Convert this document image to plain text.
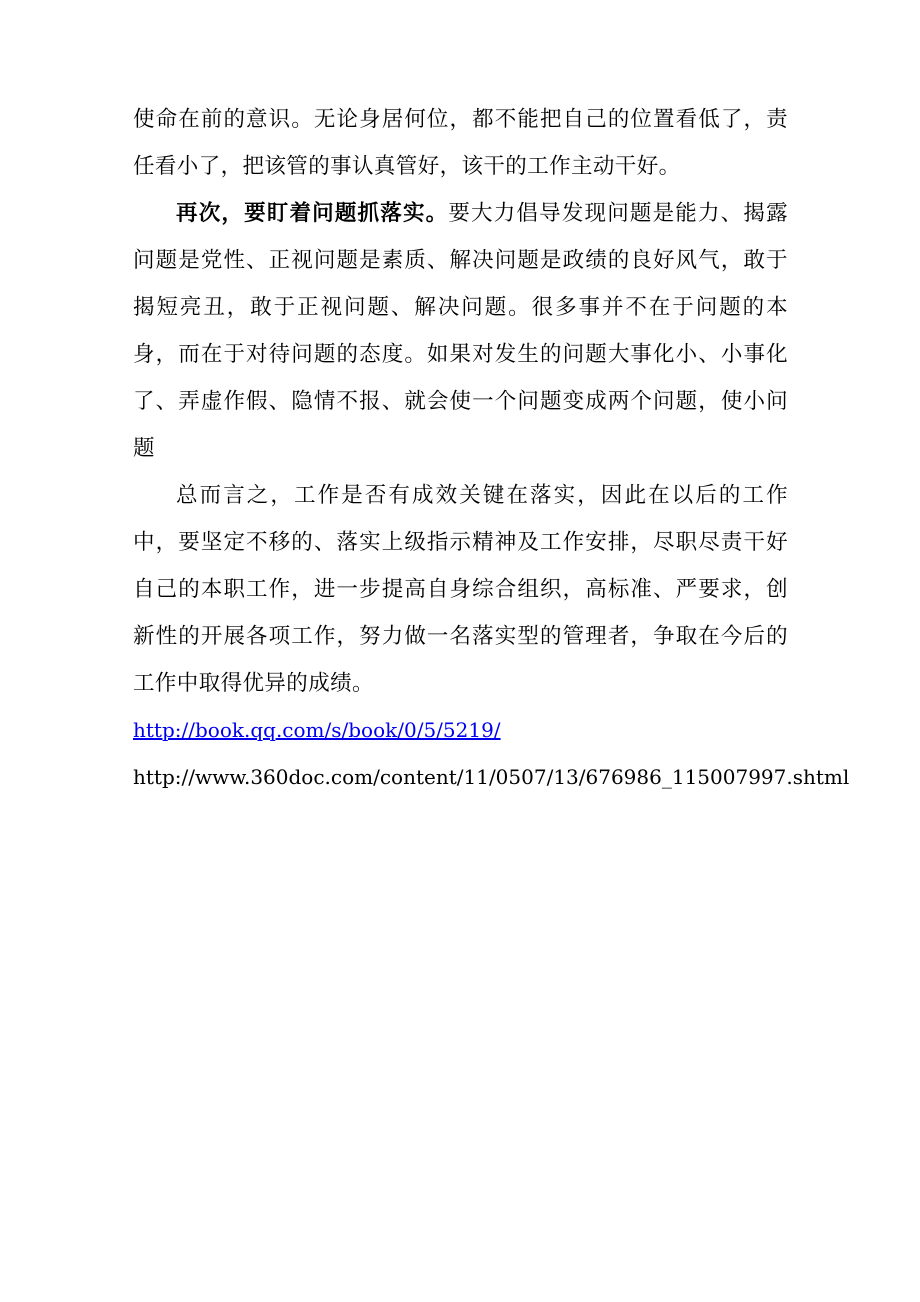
使命在前的意识。无论身居何位，都不能把自己的位置看低了，责任看小了，把该管的事认真管好，该干的工作主动干好。

再次，要盯着问题抓落实。要大力倡导发现问题是能力、揭露问题是党性、正视问题是素质、解决问题是政绩的良好风气，敢于揭短亮丑，敢于正视问题、解决问题。很多事并不在于问题的本身，而在于对待问题的态度。如果对发生的问题大事化小、小事化了、弄虚作假、隐情不报、就会使一个问题变成两个问题，使小问题

总而言之，工作是否有成效关键在落实，因此在以后的工作中，要坚定不移的、落实上级指示精神及工作安排，尽职尽责干好自己的本职工作，进一步提高自身综合组织，高标准、严要求，创新性的开展各项工作，努力做一名落实型的管理者，争取在今后的工作中取得优异的成绩。

http://book.qq.com/s/book/0/5/5219/
http://www.360doc.com/content/11/0507/13/676986_115007997.shtml
